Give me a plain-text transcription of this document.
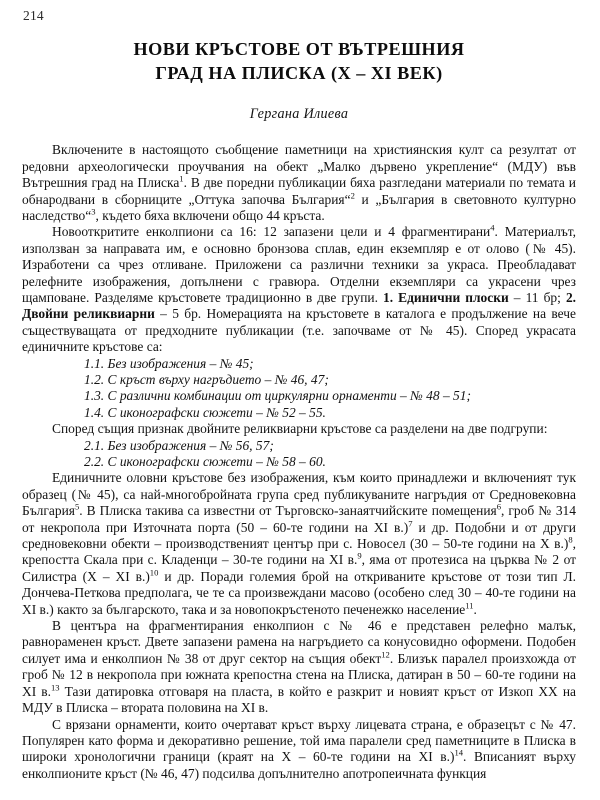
214
НОВИ КРЪСТОВЕ ОТ ВЪТРЕШНИЯ
ГРАД НА ПЛИСКА (X – XI ВЕК)
Гергана Илиева

Включените в настоящото съобщение паметници на християнския култ са резултат от редовни археологически проучвания на обект „Малко дървено укрепление“ (МДУ) във Вътрешния град на Плиска$^1$. В две поредни публикации бяха разгледани материали по темата и обнародвани в сборниците „Оттука започва България“$^2$ и „България в световното културно наследство“$^3$, където бяха включени общо 44 кръста.

Новооткритите енколпиони са 16: 12 запазени цели и 4 фрагментирани$^4$. Материалът, използван за направата им, е основно бронзова сплав, един екземпляр е от олово (№ 45). Изработени са чрез отливане. Приложени са различни техники за украса. Преобладават релефните изображения, допълнени с гравюра. Отделни екземпляри са украсени чрез щамповане. Разделяме кръстовете традиционно в две групи. 1. Единични плоски – 11 бр; 2. Двойни реликвиарни – 5 бр. Номерацията на кръстовете в каталога е продължение на вече съществуващата от предходните публикации (т.е. започваме от № 45). Според украсата единичните кръстове са:

1.1. Без изображения – № 45;

1.2. С кръст върху нагръдието – № 46, 47;

1.3. С различни комбинации от циркулярни орнаменти – № 48 – 51;

1.4. С иконографски сюжети – № 52 – 55.

Според същия признак двойните реликвиарни кръстове са разделени на две подгрупи:

2.1. Без изображения – № 56, 57;

2.2. С иконографски сюжети – № 58 – 60.

Единичните оловни кръстове без изображения, към които принадлежи и включеният тук образец (№ 45), са най-многобройната група сред публикуваните нагръдия от Средновековна България$^5$. В Плиска такива са известни от Търговско-занаятчийските помещения$^6$, гроб № 314 от некропола при Източната порта (50 – 60-те години на XI в.)$^7$ и др. Подобни и от други средновековни обекти – производственият център при с. Новосел (30 – 50-те години на X в.)$^8$, крепостта Скала при с. Кладенци – 30-те години на XI в.$^9$, яма от протезиса на църква № 2 от Силистра (X – XI в.)$^{10}$ и др. Поради големия брой на откриваните кръстове от този тип Л. Дончева-Петкова предполага, че те са произвеждани масово (особено след 30 – 40-те години на XI в.) както за българското, така и за новопокръстеното печенежко население$^{11}$.

В центъра на фрагментирания енколпион с № 46 е представен релефно малък, равнораменен кръст. Двете запазени рамена на нагръдието са конусовидно оформени. Подобен силует има и енколпион № 38 от друг сектор на същия обект$^{12}$. Близък паралел произхожда от гроб № 12 в некропола при южната крепостна стена на Плиска, датиран в 50 – 60-те години на XI в.$^{13}$ Тази датировка отговаря на пласта, в който е разкрит и новият кръст от Изкоп XX на МДУ в Плиска – втората половина на XI в.

С врязани орнаменти, които очертават кръст върху лицевата страна, е образецът с № 47. Популярен като форма и декоративно решение, той има паралели сред паметниците в Плиска в широки хронологични граници (краят на X – 60-те години на XI в.)$^{14}$. Вписаният върху енколпионите кръст (№ 46, 47) подсилва допълнително апотропеичната функция
